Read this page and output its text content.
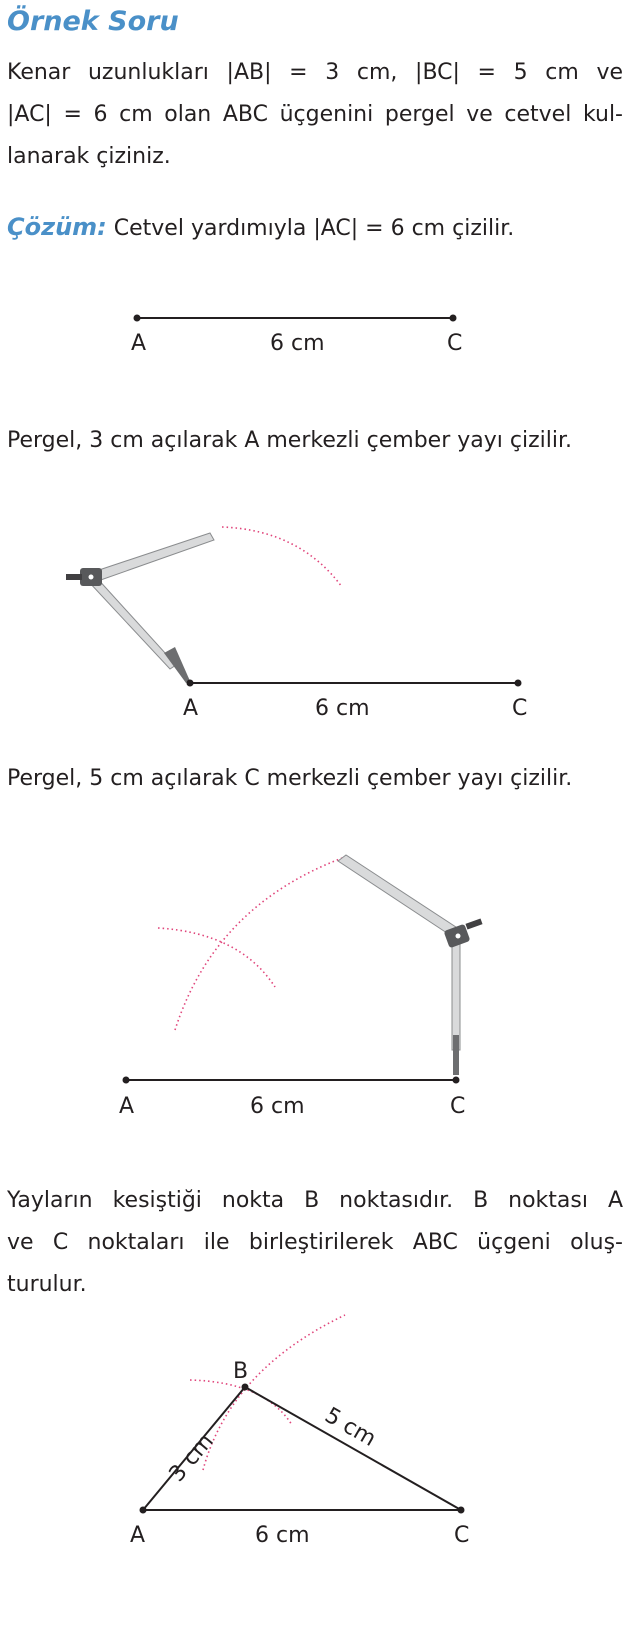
Örnek Soru
Kenar uzunlukları |AB| = 3 cm, |BC| = 5 cm ve
|AC| = 6 cm olan ABC üçgenini pergel ve cetvel kul-
lanarak çiziniz.
Çözüm: Cetvel yardımıyla |AC| = 6 cm çizilir.
A	6 cm	C
Pergel, 3 cm açılarak A merkezli çember yayı çizilir.
A	6 cm	C
Pergel, 5 cm açılarak C merkezli çember yayı çizilir.
A	6 cm	C
Yayların kesiştiği nokta B noktasıdır. B noktası A
ve C noktaları ile birleştirilerek ABC üçgeni oluş-
turulur.
B
3 cm
5 cm
A	6 cm	C
